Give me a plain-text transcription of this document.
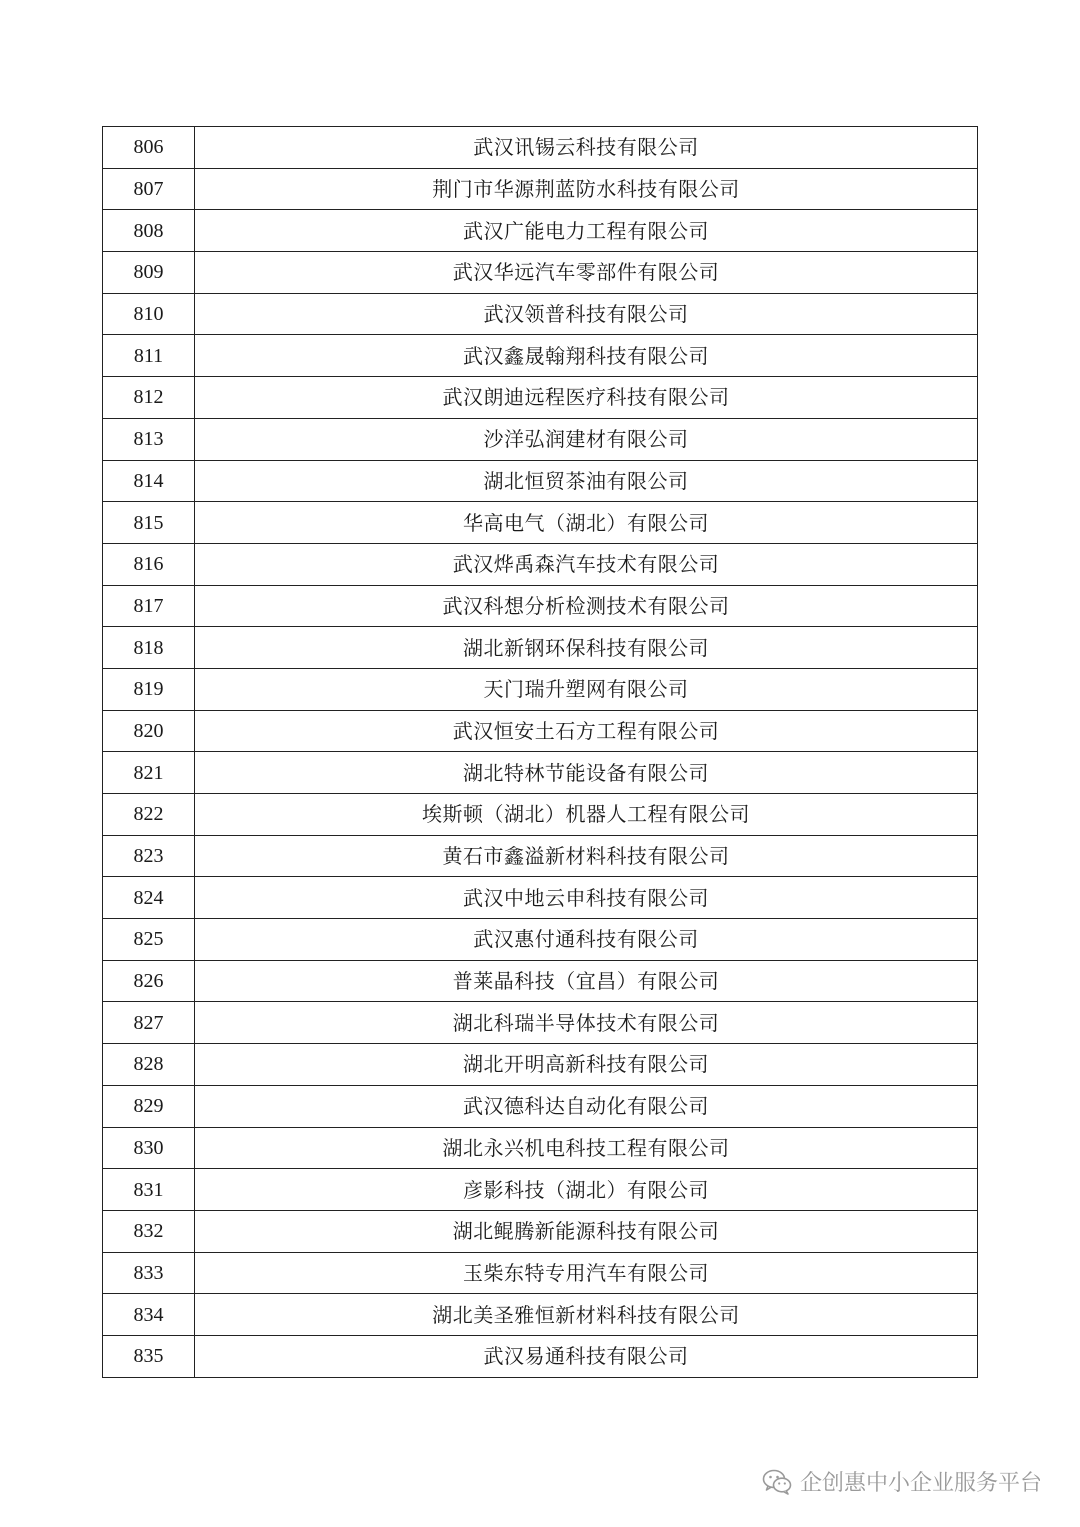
806	武汉讯锡云科技有限公司
807	荆门市华源荆蓝防水科技有限公司
808	武汉广能电力工程有限公司
809	武汉华远汽车零部件有限公司
810	武汉领普科技有限公司
811	武汉鑫晟翰翔科技有限公司
812	武汉朗迪远程医疗科技有限公司
813	沙洋弘润建材有限公司
814	湖北恒贸茶油有限公司
815	华高电气（湖北）有限公司
816	武汉烨禹森汽车技术有限公司
817	武汉科想分析检测技术有限公司
818	湖北新钢环保科技有限公司
819	天门瑞升塑网有限公司
820	武汉恒安土石方工程有限公司
821	湖北特林节能设备有限公司
822	埃斯顿（湖北）机器人工程有限公司
823	黄石市鑫溢新材料科技有限公司
824	武汉中地云申科技有限公司
825	武汉惠付通科技有限公司
826	普莱晶科技（宜昌）有限公司
827	湖北科瑞半导体技术有限公司
828	湖北开明高新科技有限公司
829	武汉德科达自动化有限公司
830	湖北永兴机电科技工程有限公司
831	彦影科技（湖北）有限公司
832	湖北鲲腾新能源科技有限公司
833	玉柴东特专用汽车有限公司
834	湖北美圣雅恒新材料科技有限公司
835	武汉易通科技有限公司
企创惠中小企业服务平台
